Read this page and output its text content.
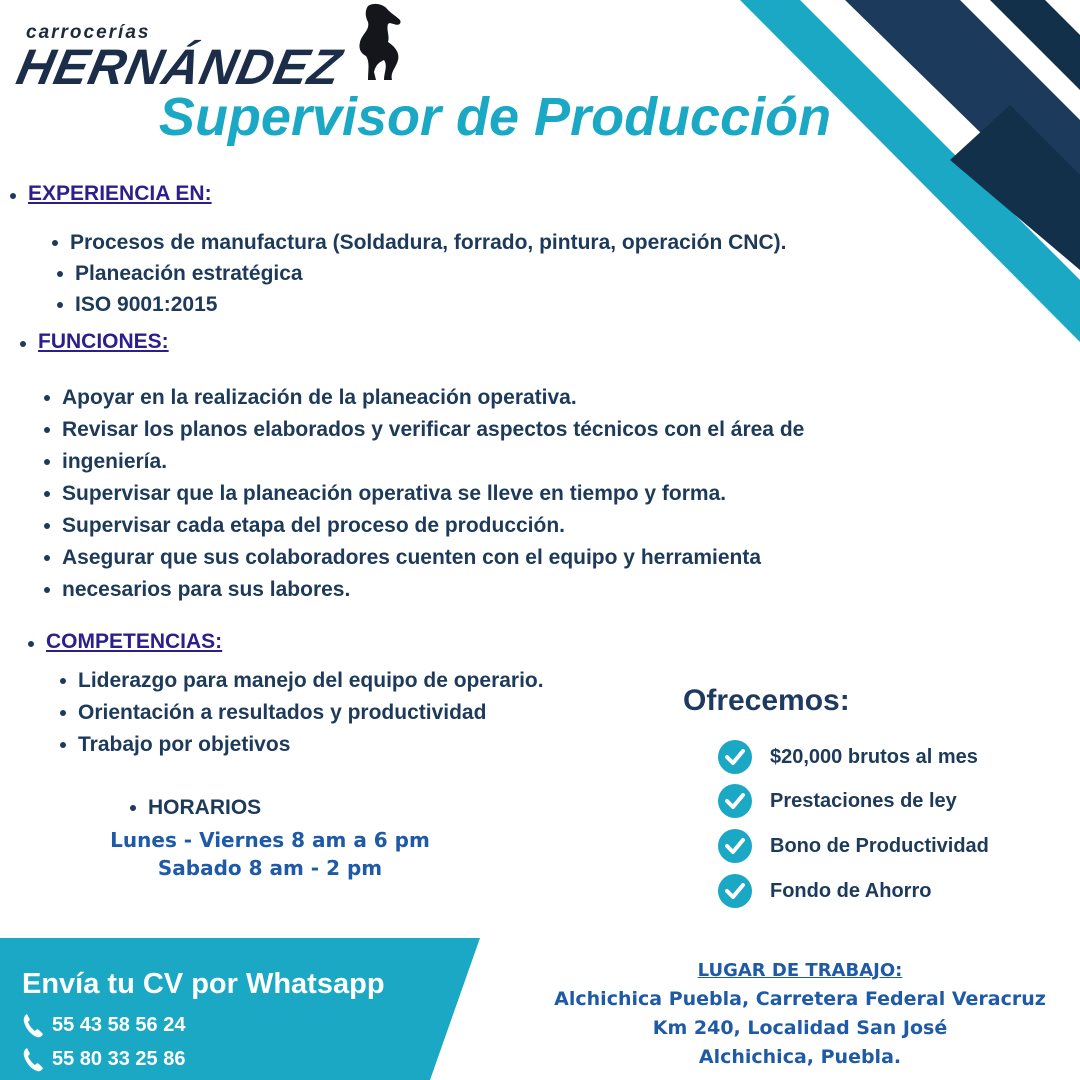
carrocerías
HERNÁNDEZ
Supervisor de Producción
EXPERIENCIA EN:
Procesos de manufactura (Soldadura, forrado, pintura, operación CNC).
Planeación estratégica
ISO 9001:2015
FUNCIONES:
Apoyar en la realización de la planeación operativa.
Revisar los planos elaborados y verificar aspectos técnicos con el área de
ingeniería.
Supervisar que la planeación operativa se lleve en tiempo y forma.
Supervisar cada etapa del proceso de producción.
Asegurar que sus colaboradores cuenten con el equipo y herramienta
necesarios para sus labores.
COMPETENCIAS:
Liderazgo para manejo del equipo de operario.
Orientación a resultados y productividad
Trabajo por objetivos
HORARIOS
Lunes - Viernes 8 am a 6 pm
Sabado 8 am - 2 pm
Ofrecemos:
$20,000 brutos al mes
Prestaciones de ley
Bono de Productividad
Fondo de Ahorro
Envía tu CV por Whatsapp
55 43 58 56 24
55 80 33 25 86
LUGAR DE TRABAJO:
Alchichica Puebla, Carretera Federal Veracruz
Km 240, Localidad San José
Alchichica, Puebla.
